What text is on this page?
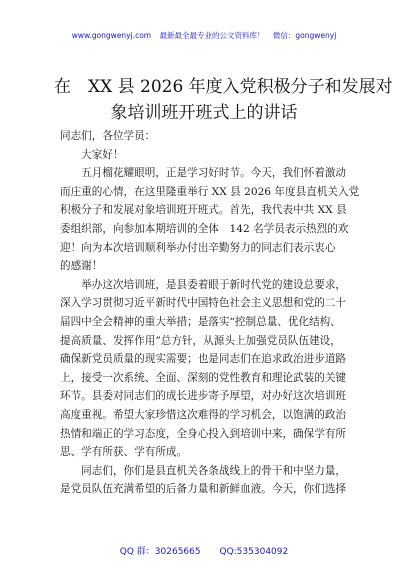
www.gongwenyj.com 最新最全最专业的公文资料库！ 微信：gongwenyj
在　XX 县 2026 年度入党积极分子和发展对
象培训班开班式上的讲话

同志们，各位学员：

　　大家好！

　　五月榴花耀眼明，正是学习好时节。今天，我们怀着激动

而庄重的心情，在这里隆重举行 XX 县 2026 年度县直机关入党

积极分子和发展对象培训班开班式。首先，我代表中共 XX 县

委组织部，向参加本期培训的全体　142 名学员表示热烈的欢

迎！向为本次培训顺利举办付出辛勤努力的同志们表示衷心

的感谢！

　　举办这次培训班，是县委着眼于新时代党的建设总要求，

深入学习贯彻习近平新时代中国特色社会主义思想和党的二十

届四中全会精神的重大举措；是落实“控制总量、优化结构、

提高质量、发挥作用”总方针，从源头上加强党员队伍建设，

确保新党员质量的现实需要；也是同志们在追求政治进步道路

上，接受一次系统、全面、深刻的党性教育和理论武装的关键

环节。县委对同志们的成长进步寄予厚望，对办好这次培训班

高度重视。希望大家珍惜这次难得的学习机会，以饱满的政治

热情和端正的学习态度，全身心投入到培训中来，确保学有所

思、学有所获、学有所成。

　　同志们，你们是县直机关各条战线上的骨干和中坚力量，

是党员队伍充满希望的后备力量和新鲜血液。今天，你们选择

QQ 群：30265665 QQ:535304092
